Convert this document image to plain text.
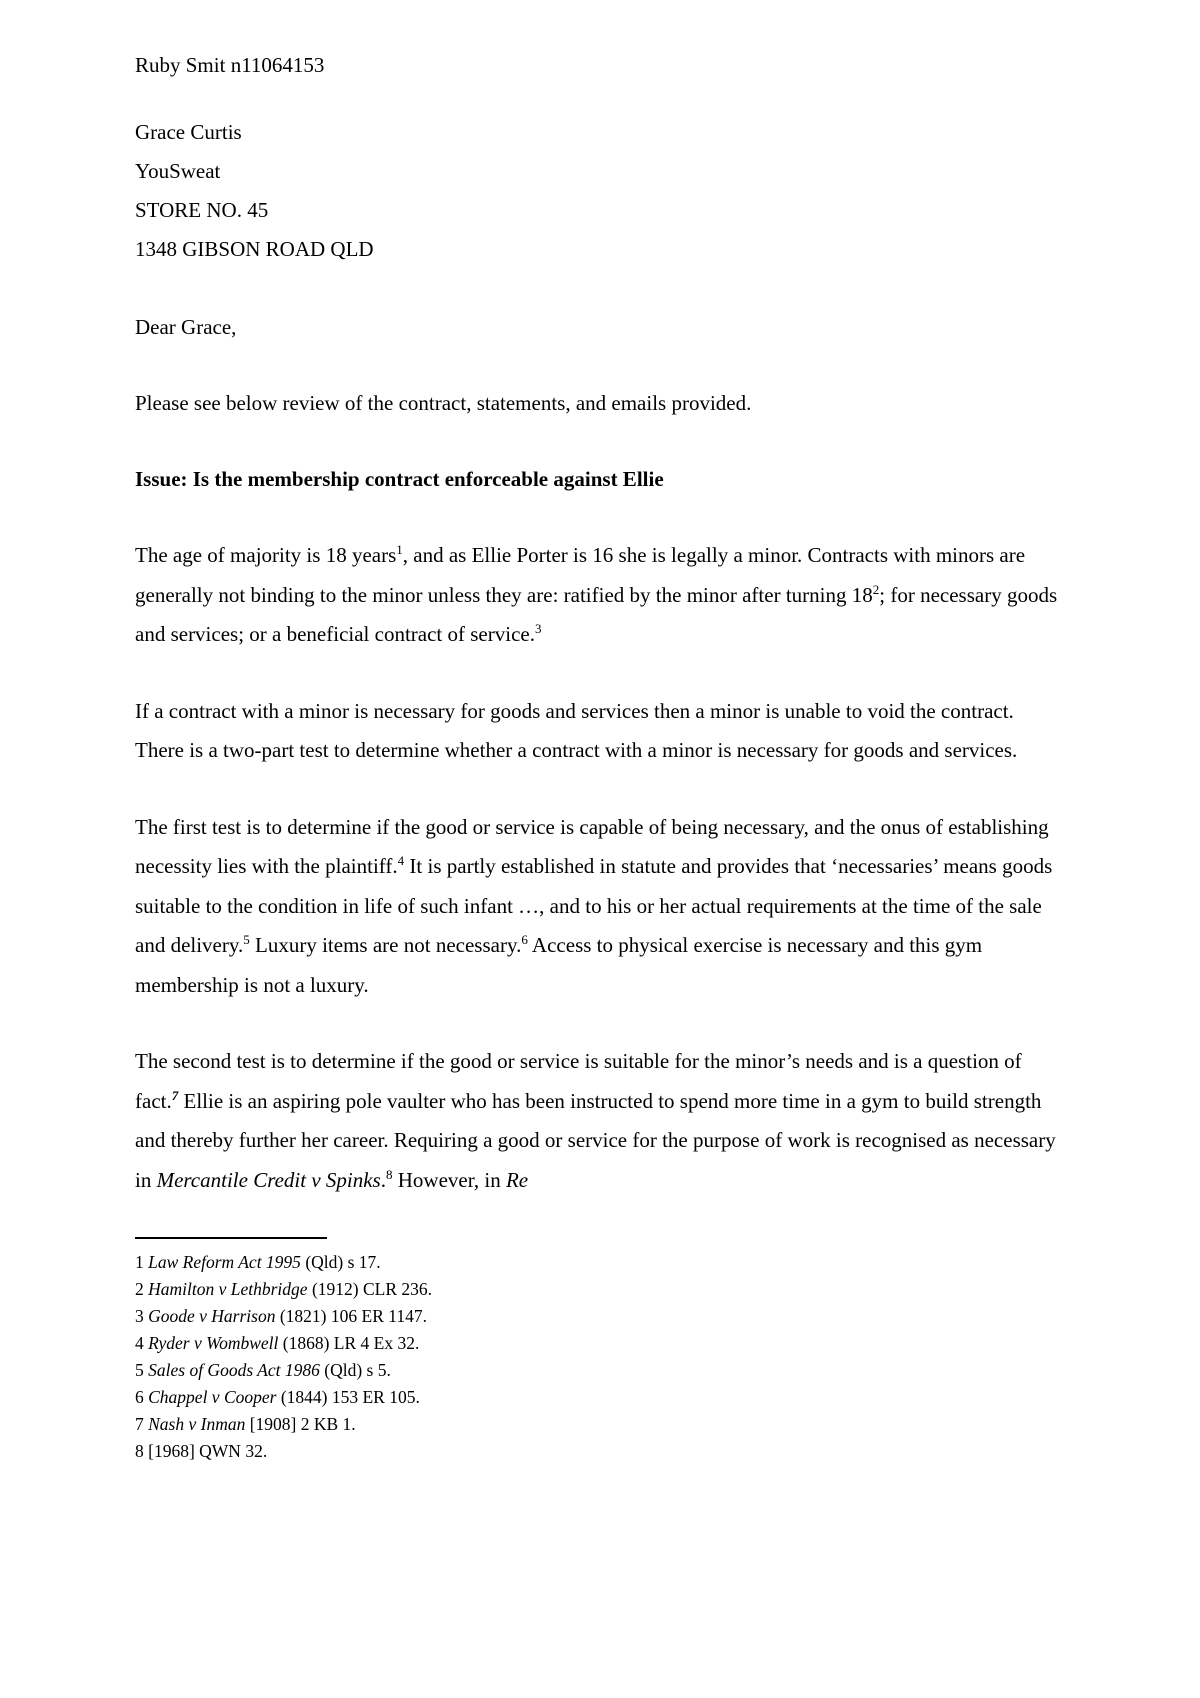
Ruby Smit n11064153

Grace Curtis

YouSweat

STORE NO. 45

1348 GIBSON ROAD QLD

Dear Grace,

Please see below review of the contract, statements, and emails provided.

Issue: Is the membership contract enforceable against Ellie

The age of majority is 18 years$^1$, and as Ellie Porter is 16 she is legally a minor. Contracts with minors are generally not binding to the minor unless they are: ratified by the minor after turning $18^2$; for necessary goods and services; or a beneficial contract of service.$^3$

If a contract with a minor is necessary for goods and services then a minor is unable to void the contract. There is a two-part test to determine whether a contract with a minor is necessary for goods and services.

The first test is to determine if the good or service is capable of being necessary, and the onus of establishing necessity lies with the plaintiff.$^4$ It is partly established in statute and provides that ‘necessaries’ means goods suitable to the condition in life of such infant …, and to his or her actual requirements at the time of the sale and delivery.$^5$ Luxury items are not necessary.$^6$ Access to physical exercise is necessary and this gym membership is not a luxury.

The second test is to determine if the good or service is suitable for the minor’s needs and is a question of fact.$^7$ Ellie is an aspiring pole vaulter who has been instructed to spend more time in a gym to build strength and thereby further her career. Requiring a good or service for the purpose of work is recognised as necessary in Mercantile Credit v Spinks.$^8$ However, in Re

1 Law Reform Act 1995 (Qld) s 17.

2 Hamilton v Lethbridge (1912) CLR 236.

3 Goode v Harrison (1821) 106 ER 1147.

4 Ryder v Wombwell (1868) LR 4 Ex 32.

5 Sales of Goods Act 1986 (Qld) s 5.

6 Chappel v Cooper (1844) 153 ER 105.

7 Nash v Inman [1908] 2 KB 1.

8 [1968] QWN 32.
